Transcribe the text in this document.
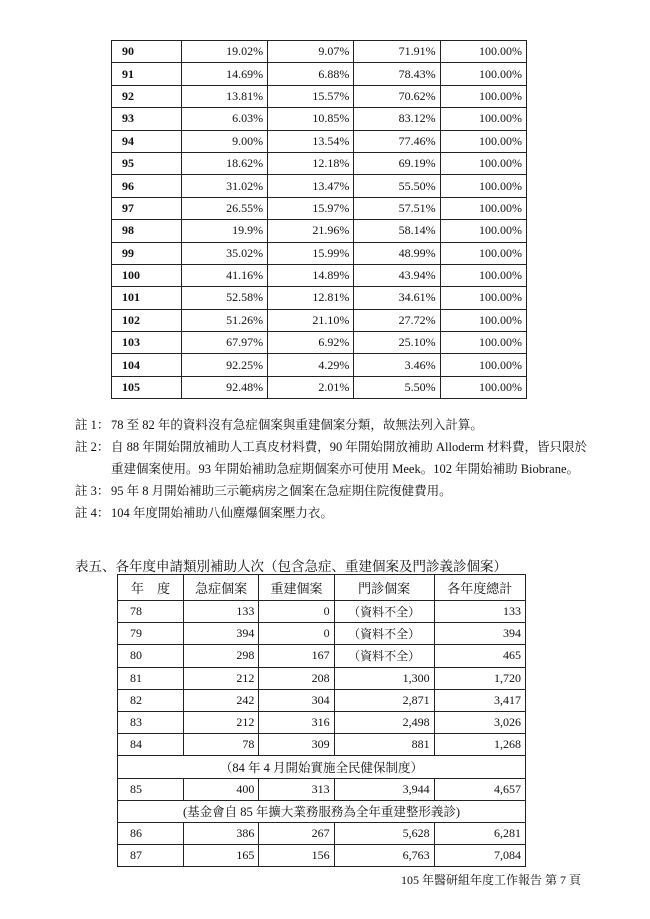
90	19.02%	9.07%	71.91%	100.00%
91	14.69%	6.88%	78.43%	100.00%
92	13.81%	15.57%	70.62%	100.00%
93	6.03%	10.85%	83.12%	100.00%
94	9.00%	13.54%	77.46%	100.00%
95	18.62%	12.18%	69.19%	100.00%
96	31.02%	13.47%	55.50%	100.00%
97	26.55%	15.97%	57.51%	100.00%
98	19.9%	21.96%	58.14%	100.00%
99	35.02%	15.99%	48.99%	100.00%
100	41.16%	14.89%	43.94%	100.00%
101	52.58%	12.81%	34.61%	100.00%
102	51.26%	21.10%	27.72%	100.00%
103	67.97%	6.92%	25.10%	100.00%
104	92.25%	4.29%	3.46%	100.00%
105	92.48%	2.01%	5.50%	100.00%
註 1： 78 至 82 年的資料沒有急症個案與重建個案分類，故無法列入計算。
註 2： 自 88 年開始開放補助人工真皮材料費，90 年開始開放補助 Alloderm 材料費，皆只限於重建個案使用。93 年開始補助急症期個案亦可使用 Meek。102 年開始補助 Biobrane。
註 3： 95 年 8 月開始補助三示範病房之個案在急症期住院復健費用。
註 4： 104 年度開始補助八仙塵爆個案壓力衣。
表五、各年度申請類別補助人次（包含急症、重建個案及門診義診個案）
年　度	急症個案	重建個案	門診個案	各年度總計
78	133	0	（資料不全）	133
79	394	0	（資料不全）	394
80	298	167	（資料不全）	465
81	212	208	1,300	1,720
82	242	304	2,871	3,417
83	212	316	2,498	3,026
84	78	309	881	1,268
（84 年 4 月開始實施全民健保制度）				
85	400	313	3,944	4,657
(基金會自 85 年擴大業務服務為全年重建整形義診)				
86	386	267	5,628	6,281
87	165	156	6,763	7,084
105 年醫研組年度工作報告 第 7 頁
